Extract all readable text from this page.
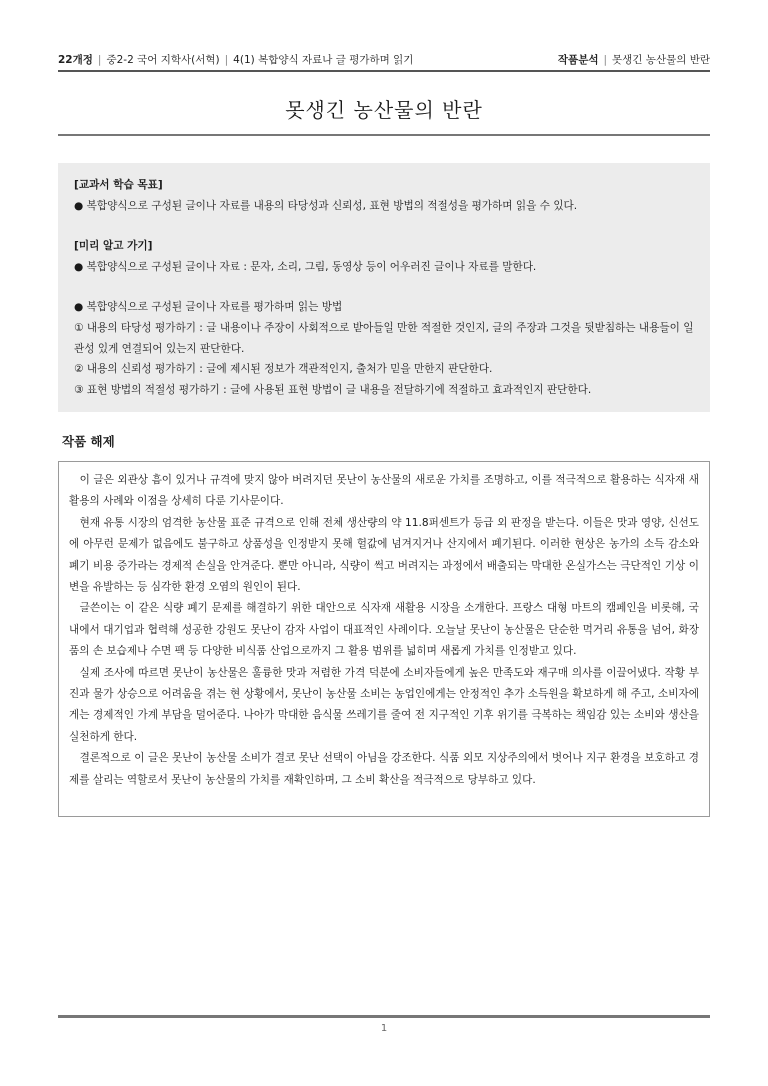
22개정 | 중2-2 국어 지학사(서혁) | 4(1) 복합양식 자료나 글 평가하며 읽기	작품분석 | 못생긴 농산물의 반란
못생긴 농산물의 반란

[교과서 학습 목표]

● 복합양식으로 구성된 글이나 자료를 내용의 타당성과 신뢰성, 표현 방법의 적절성을 평가하며 읽을 수 있다.

[미리 알고 가기]

● 복합양식으로 구성된 글이나 자료 : 문자, 소리, 그림, 동영상 등이 어우러진 글이나 자료를 말한다.

● 복합양식으로 구성된 글이나 자료를 평가하며 읽는 방법

① 내용의 타당성 평가하기 : 글 내용이나 주장이 사회적으로 받아들일 만한 적절한 것인지, 글의 주장과 그것을 뒷받침하는 내용들이 일관성 있게 연결되어 있는지 판단한다.

② 내용의 신뢰성 평가하기 : 글에 제시된 정보가 객관적인지, 출처가 믿을 만한지 판단한다.

③ 표현 방법의 적절성 평가하기 : 글에 사용된 표현 방법이 글 내용을 전달하기에 적절하고 효과적인지 판단한다.

작품 해제

이 글은 외관상 흠이 있거나 규격에 맞지 않아 버려지던 못난이 농산물의 새로운 가치를 조명하고, 이를 적극적으로 활용하는 식자재 새활용의 사례와 이점을 상세히 다룬 기사문이다.

현재 유통 시장의 엄격한 농산물 표준 규격으로 인해 전체 생산량의 약 11.8퍼센트가 등급 외 판정을 받는다. 이들은 맛과 영양, 신선도에 아무런 문제가 없음에도 불구하고 상품성을 인정받지 못해 헐값에 넘겨지거나 산지에서 폐기된다. 이러한 현상은 농가의 소득 감소와 폐기 비용 증가라는 경제적 손실을 안겨준다. 뿐만 아니라, 식량이 썩고 버려지는 과정에서 배출되는 막대한 온실가스는 극단적인 기상 이변을 유발하는 등 심각한 환경 오염의 원인이 된다.

글쓴이는 이 같은 식량 폐기 문제를 해결하기 위한 대안으로 식자재 새활용 시장을 소개한다. 프랑스 대형 마트의 캠페인을 비롯해, 국내에서 대기업과 협력해 성공한 강원도 못난이 감자 사업이 대표적인 사례이다. 오늘날 못난이 농산물은 단순한 먹거리 유통을 넘어, 화장품의 손 보습제나 수면 팩 등 다양한 비식품 산업으로까지 그 활용 범위를 넓히며 새롭게 가치를 인정받고 있다.

실제 조사에 따르면 못난이 농산물은 훌륭한 맛과 저렴한 가격 덕분에 소비자들에게 높은 만족도와 재구매 의사를 이끌어냈다. 작황 부진과 물가 상승으로 어려움을 겪는 현 상황에서, 못난이 농산물 소비는 농업인에게는 안정적인 추가 소득원을 확보하게 해 주고, 소비자에게는 경제적인 가계 부담을 덜어준다. 나아가 막대한 음식물 쓰레기를 줄여 전 지구적인 기후 위기를 극복하는 책임감 있는 소비와 생산을 실천하게 한다.

결론적으로 이 글은 못난이 농산물 소비가 결코 못난 선택이 아님을 강조한다. 식품 외모 지상주의에서 벗어나 지구 환경을 보호하고 경제를 살리는 역할로서 못난이 농산물의 가치를 재확인하며, 그 소비 확산을 적극적으로 당부하고 있다.

1
